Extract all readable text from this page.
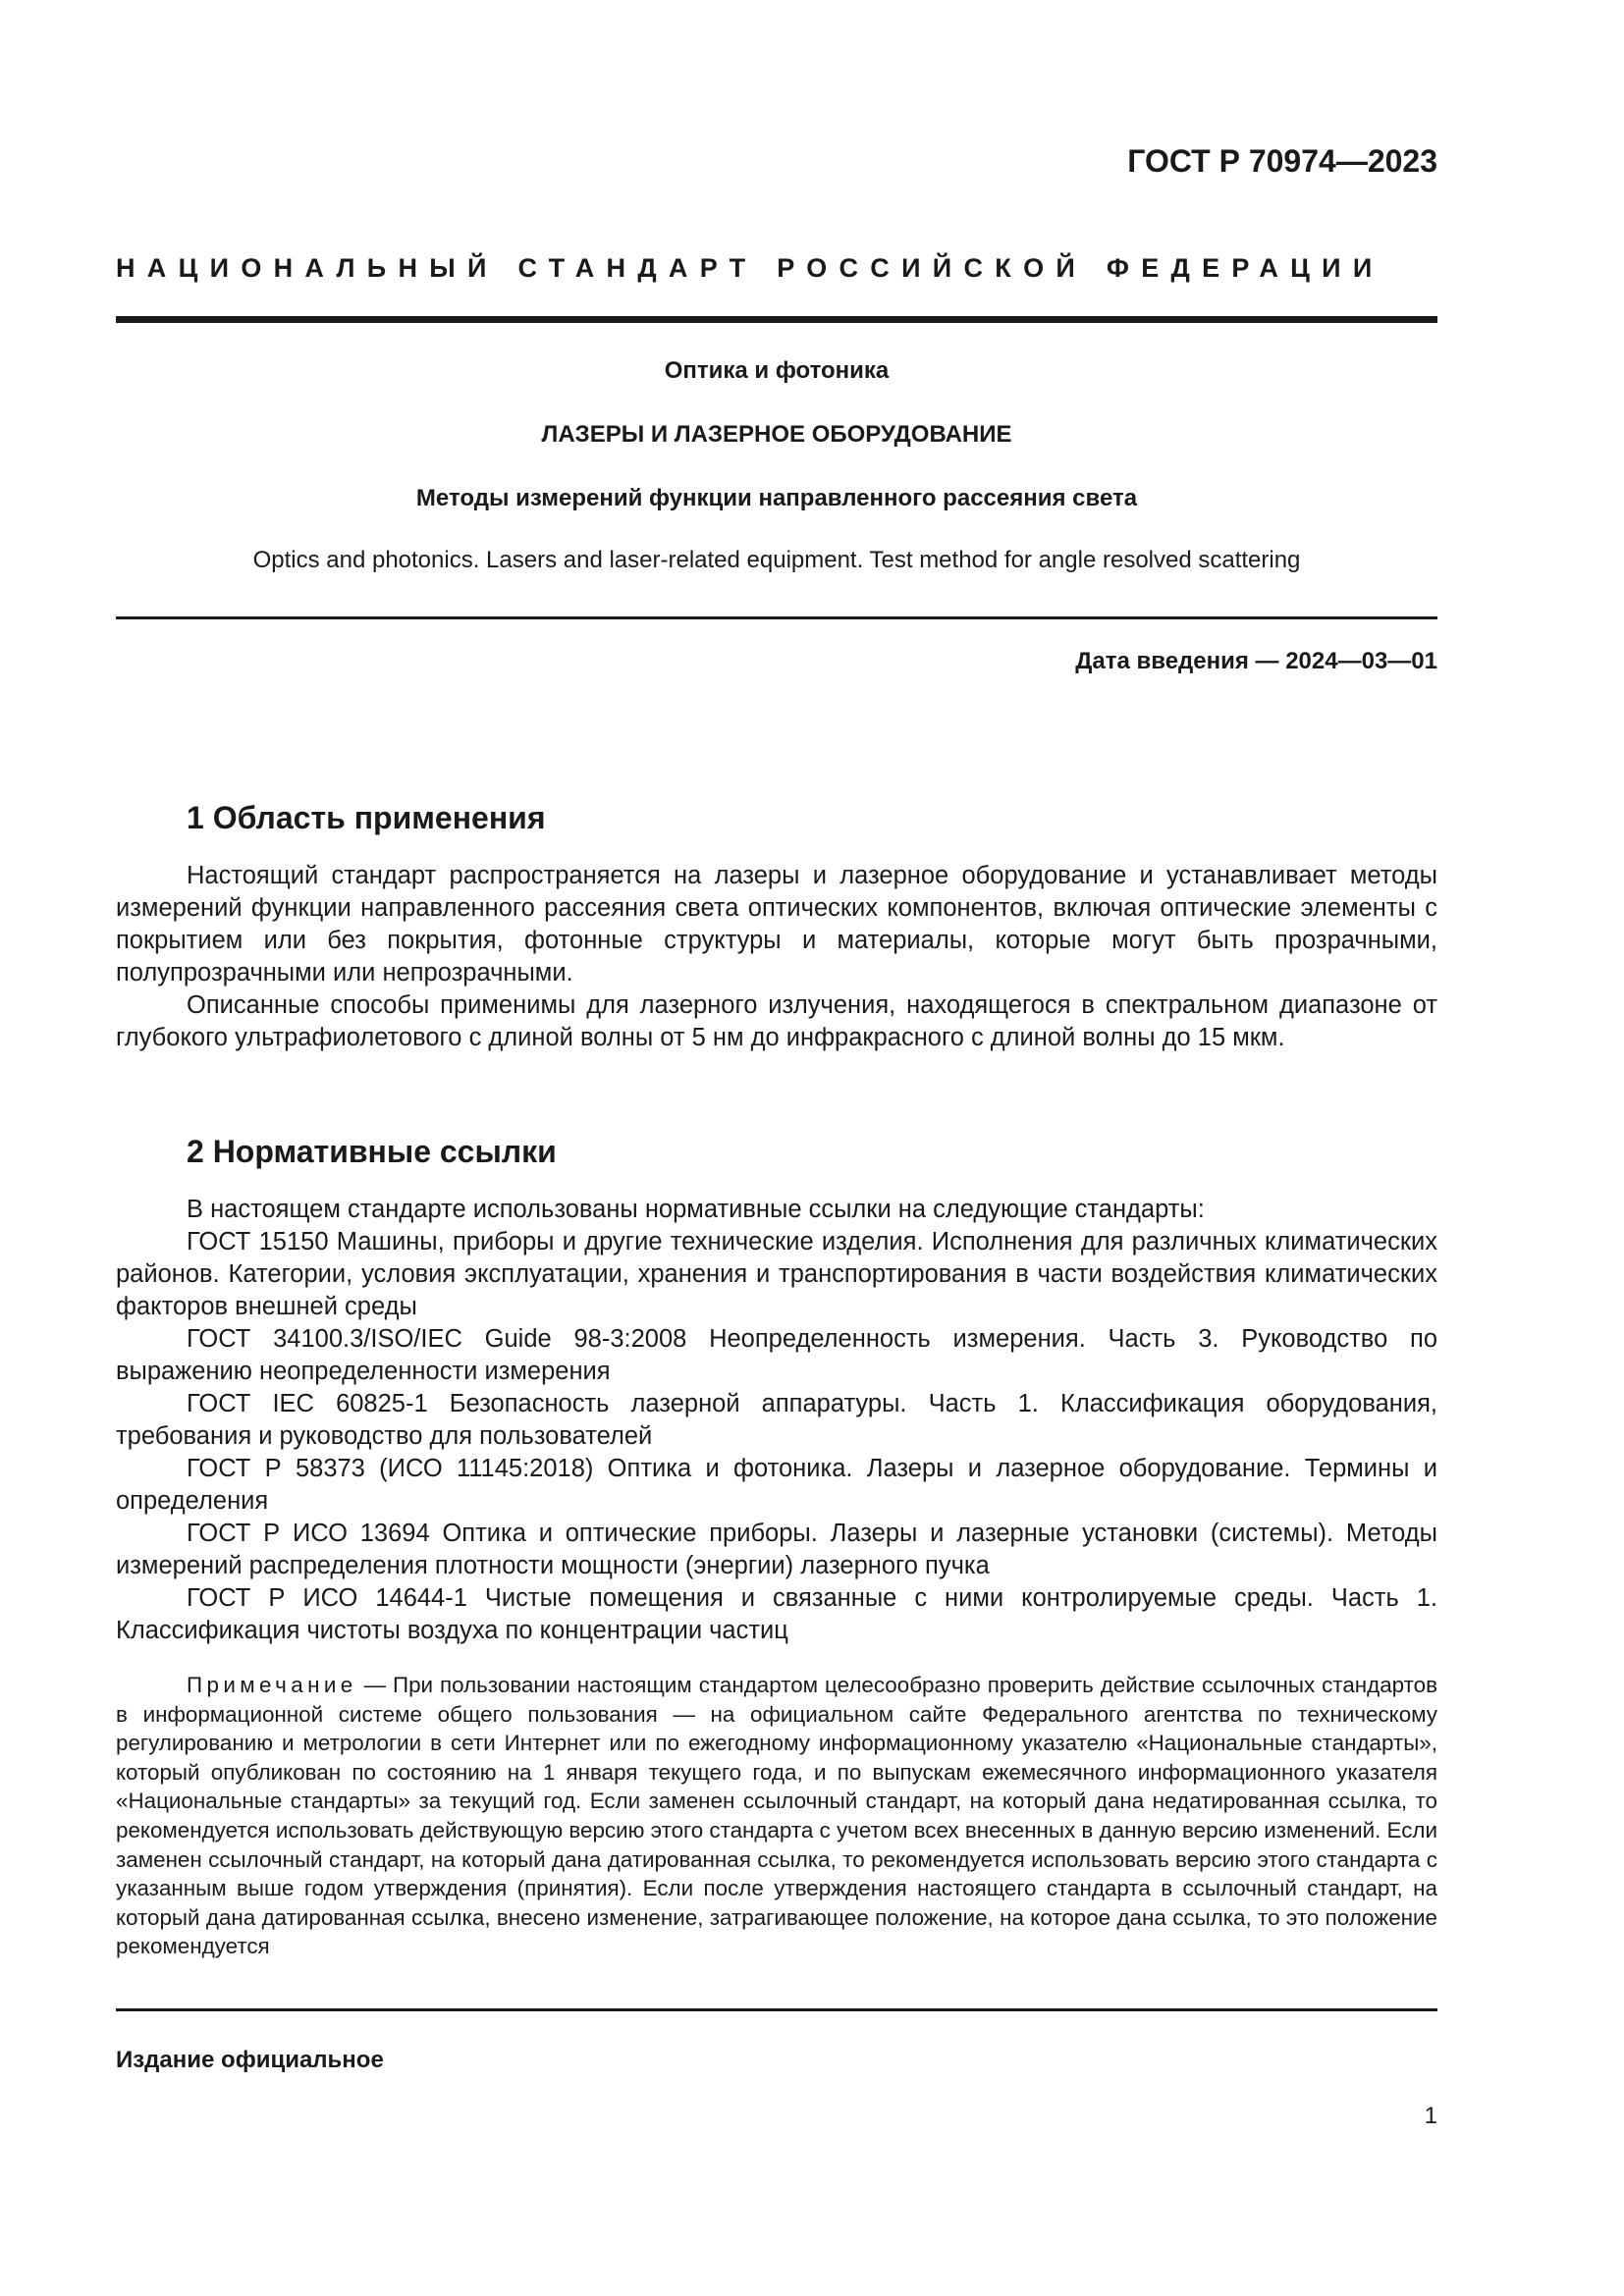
ГОСТ Р 70974—2023
НАЦИОНАЛЬНЫЙ СТАНДАРТ РОССИЙСКОЙ ФЕДЕРАЦИИ
Оптика и фотоника
ЛАЗЕРЫ И ЛАЗЕРНОЕ ОБОРУДОВАНИЕ
Методы измерений функции направленного рассеяния света
Optics and photonics. Lasers and laser-related equipment. Test method for angle resolved scattering
Дата введения — 2024—03—01
1 Область применения

Настоящий стандарт распространяется на лазеры и лазерное оборудование и устанавливает методы измерений функции направленного рассеяния света оптических компонентов, включая оптические элементы с покрытием или без покрытия, фотонные структуры и материалы, которые могут быть прозрачными, полупрозрачными или непрозрачными.

Описанные способы применимы для лазерного излучения, находящегося в спектральном диапазоне от глубокого ультрафиолетового с длиной волны от 5 нм до инфракрасного с длиной волны до 15 мкм.

2 Нормативные ссылки

В настоящем стандарте использованы нормативные ссылки на следующие стандарты:

ГОСТ 15150 Машины, приборы и другие технические изделия. Исполнения для различных климатических районов. Категории, условия эксплуатации, хранения и транспортирования в части воздействия климатических факторов внешней среды

ГОСТ 34100.3/ISO/IEC Guide 98-3:2008 Неопределенность измерения. Часть 3. Руководство по выражению неопределенности измерения

ГОСТ IEC 60825-1 Безопасность лазерной аппаратуры. Часть 1. Классификация оборудования, требования и руководство для пользователей

ГОСТ Р 58373 (ИСО 11145:2018) Оптика и фотоника. Лазеры и лазерное оборудование. Термины и определения

ГОСТ Р ИСО 13694 Оптика и оптические приборы. Лазеры и лазерные установки (системы). Методы измерений распределения плотности мощности (энергии) лазерного пучка

ГОСТ Р ИСО 14644-1 Чистые помещения и связанные с ними контролируемые среды. Часть 1. Классификация чистоты воздуха по концентрации частиц

Примечание — При пользовании настоящим стандартом целесообразно проверить действие ссылочных стандартов в информационной системе общего пользования — на официальном сайте Федерального агентства по техническому регулированию и метрологии в сети Интернет или по ежегодному информационному указателю «Национальные стандарты», который опубликован по состоянию на 1 января текущего года, и по выпускам ежемесячного информационного указателя «Национальные стандарты» за текущий год. Если заменен ссылочный стандарт, на который дана недатированная ссылка, то рекомендуется использовать действующую версию этого стандарта с учетом всех внесенных в данную версию изменений. Если заменен ссылочный стандарт, на который дана датированная ссылка, то рекомендуется использовать версию этого стандарта с указанным выше годом утверждения (принятия). Если после утверждения настоящего стандарта в ссылочный стандарт, на который дана датированная ссылка, внесено изменение, затрагивающее положение, на которое дана ссылка, то это положение рекомендуется

Издание официальное
1
